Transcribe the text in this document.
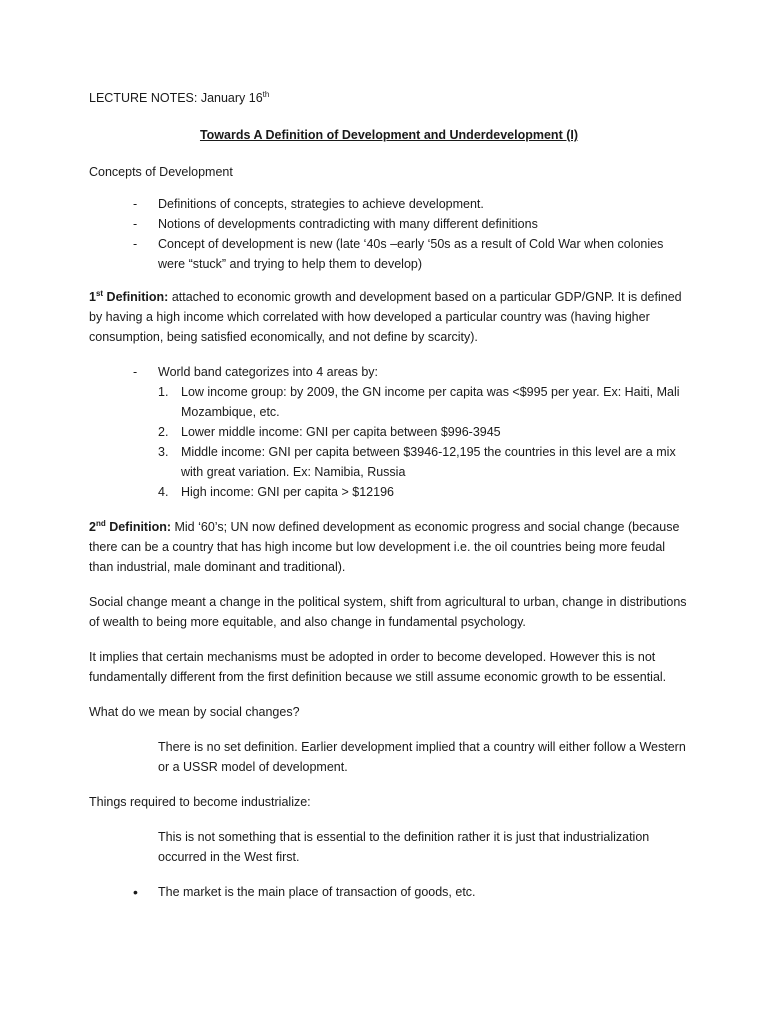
LECTURE NOTES: January 16th

Towards A Definition of Development and Underdevelopment (I)

Concepts of Development

- Definitions of concepts, strategies to achieve development.
- Notions of developments contradicting with many different definitions
- Concept of development is new (late ‘40s –early ‘50s as a result of Cold War when colonies were “stuck” and trying to help them to develop)

1st Definition: attached to economic growth and development based on a particular GDP/GNP. It is defined by having a high income which correlated with how developed a particular country was (having higher consumption, being satisfied economically, and not define by scarcity).

- World band categorizes into 4 areas by:
1. Low income group: by 2009, the GN income per capita was <$995 per year. Ex: Haiti, Mali Mozambique, etc.
2. Lower middle income: GNI per capita between $996-3945
3. Middle income: GNI per capita between $3946-12,195 the countries in this level are a mix with great variation. Ex: Namibia, Russia
4. High income: GNI per capita > $12196

2nd Definition: Mid ‘60’s; UN now defined development as economic progress and social change (because there can be a country that has high income but low development i.e. the oil countries being more feudal than industrial, male dominant and traditional).

Social change meant a change in the political system, shift from agricultural to urban, change in distributions of wealth to being more equitable, and also change in fundamental psychology.

It implies that certain mechanisms must be adopted in order to become developed. However this is not fundamentally different from the first definition because we still assume economic growth to be essential.

What do we mean by social changes?

There is no set definition. Earlier development implied that a country will either follow a Western or a USSR model of development.

Things required to become industrialize:

This is not something that is essential to the definition rather it is just that industrialization occurred in the West first.

• The market is the main place of transaction of goods, etc.
